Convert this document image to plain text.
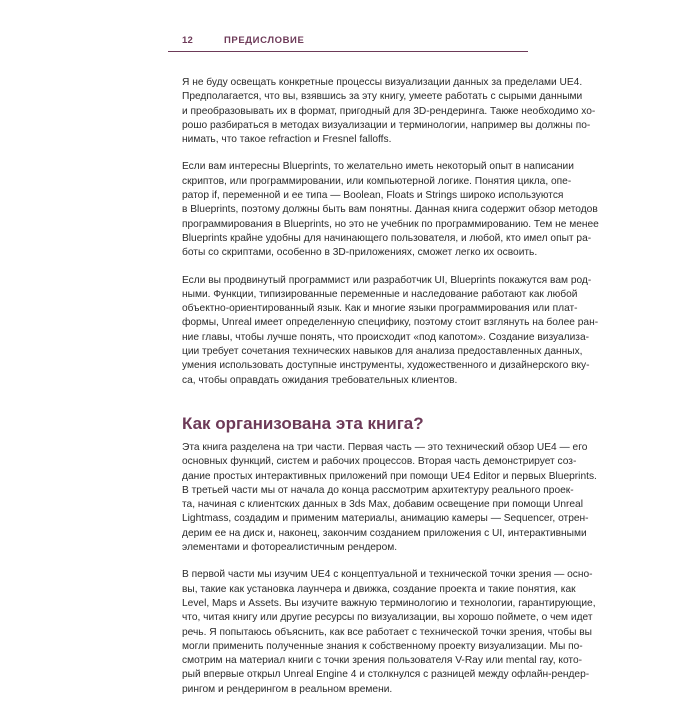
12	ПРЕДИСЛОВИЕ

Я не буду освещать конкретные процессы визуализации данных за пределами UE4.
Предполагается, что вы, взявшись за эту книгу, умеете работать с сырыми данными
и преобразовывать их в формат, пригодный для 3D-рендеринга. Также необходимо хо-
рошо разбираться в методах визуализации и терминологии, например вы должны по-
нимать, что такое refraction и Fresnel falloffs.

Если вам интересны Blueprints, то желательно иметь некоторый опыт в написании
скриптов, или программировании, или компьютерной логике. Понятия цикла, опе-
ратор if, переменной и ее типа — Boolean, Floats и Strings широко используются
в Blueprints, поэтому должны быть вам понятны. Данная книга содержит обзор методов
программирования в Blueprints, но это не учебник по программированию. Тем не менее
Blueprints крайне удобны для начинающего пользователя, и любой, кто имел опыт ра-
боты со скриптами, особенно в 3D-приложениях, сможет легко их освоить.

Если вы продвинутый программист или разработчик UI, Blueprints покажутся вам род-
ными. Функции, типизированные переменные и наследование работают как любой
объектно-ориентированный язык. Как и многие языки программирования или плат-
формы, Unreal имеет определенную специфику, поэтому стоит взглянуть на более ран-
ние главы, чтобы лучше понять, что происходит «под капотом». Создание визуализа-
ции требует сочетания технических навыков для анализа предоставленных данных,
умения использовать доступные инструменты, художественного и дизайнерского вку-
са, чтобы оправдать ожидания требовательных клиентов.

Как организована эта книга?

Эта книга разделена на три части. Первая часть — это технический обзор UE4 — его
основных функций, систем и рабочих процессов. Вторая часть демонстрирует соз-
дание простых интерактивных приложений при помощи UE4 Editor и первых Blueprints.
В третьей части мы от начала до конца рассмотрим архитектуру реального проек-
та, начиная с клиентских данных в 3ds Max, добавим освещение при помощи Unreal
Lightmass, создадим и применим материалы, анимацию камеры — Sequencer, отрен-
дерим ее на диск и, наконец, закончим созданием приложения с UI, интерактивными
элементами и фотореалистичным рендером.

В первой части мы изучим UE4 с концептуальной и технической точки зрения — осно-
вы, такие как установка лаунчера и движка, создание проекта и такие понятия, как
Level, Maps и Assets. Вы изучите важную терминологию и технологии, гарантирующие,
что, читая книгу или другие ресурсы по визуализации, вы хорошо поймете, о чем идет
речь. Я попытаюсь объяснить, как все работает с технической точки зрения, чтобы вы
могли применить полученные знания к собственному проекту визуализации. Мы по-
смотрим на материал книги с точки зрения пользователя V-Ray или mental ray, кото-
рый впервые открыл Unreal Engine 4 и столкнулся с разницей между офлайн-рендер-
рингом и рендерингом в реальном времени.
